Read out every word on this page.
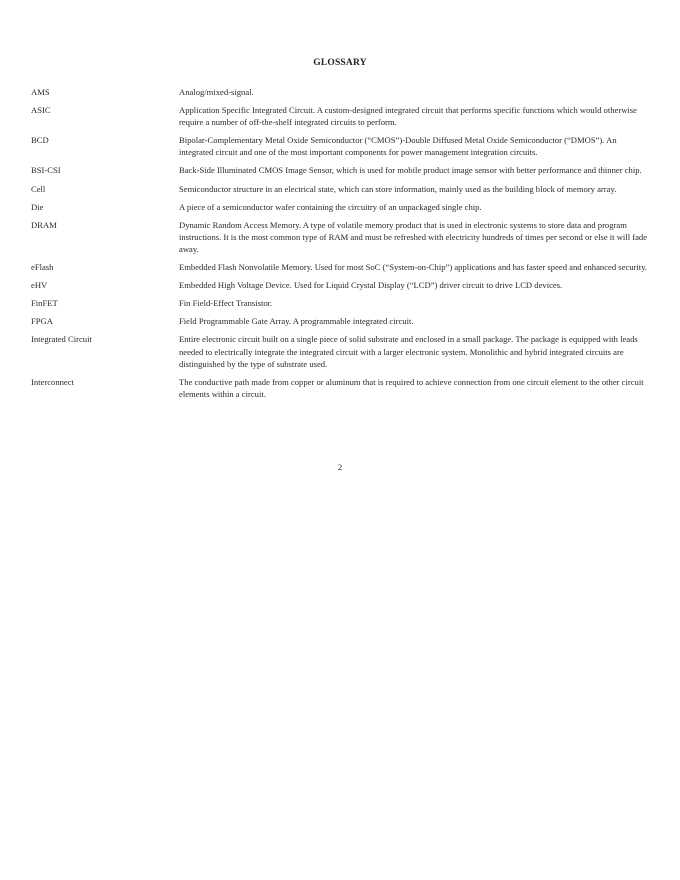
GLOSSARY
AMS	Analog/mixed-signal.
ASIC	Application Specific Integrated Circuit. A custom-designed integrated circuit that performs specific functions which would otherwise require a number of off-the-shelf integrated circuits to perform.
BCD	Bipolar-Complementary Metal Oxide Semiconductor (“CMOS”)-Double Diffused Metal Oxide Semiconductor (“DMOS”). An integrated circuit and one of the most important components for power management integration circuits.
BSI-CSI	Back-Side Illuminated CMOS Image Sensor, which is used for mobile product image sensor with better performance and thinner chip.
Cell	Semiconductor structure in an electrical state, which can store information, mainly used as the building block of memory array.
Die	A piece of a semiconductor wafer containing the circuitry of an unpackaged single chip.
DRAM	Dynamic Random Access Memory. A type of volatile memory product that is used in electronic systems to store data and program instructions. It is the most common type of RAM and must be refreshed with electricity hundreds of times per second or else it will fade away.
eFlash	Embedded Flash Nonvolatile Memory. Used for most SoC (“System-on-Chip”) applications and has faster speed and enhanced security.
eHV	Embedded High Voltage Device. Used for Liquid Crystal Display (“LCD”) driver circuit to drive LCD devices.
FinFET	Fin Field-Effect Transistor.
FPGA	Field Programmable Gate Array. A programmable integrated circuit.
Integrated Circuit	Entire electronic circuit built on a single piece of solid substrate and enclosed in a small package. The package is equipped with leads needed to electrically integrate the integrated circuit with a larger electronic system. Monolithic and hybrid integrated circuits are distinguished by the type of substrate used.
Interconnect	The conductive path made from copper or aluminum that is required to achieve connection from one circuit element to the other circuit elements within a circuit.
2
